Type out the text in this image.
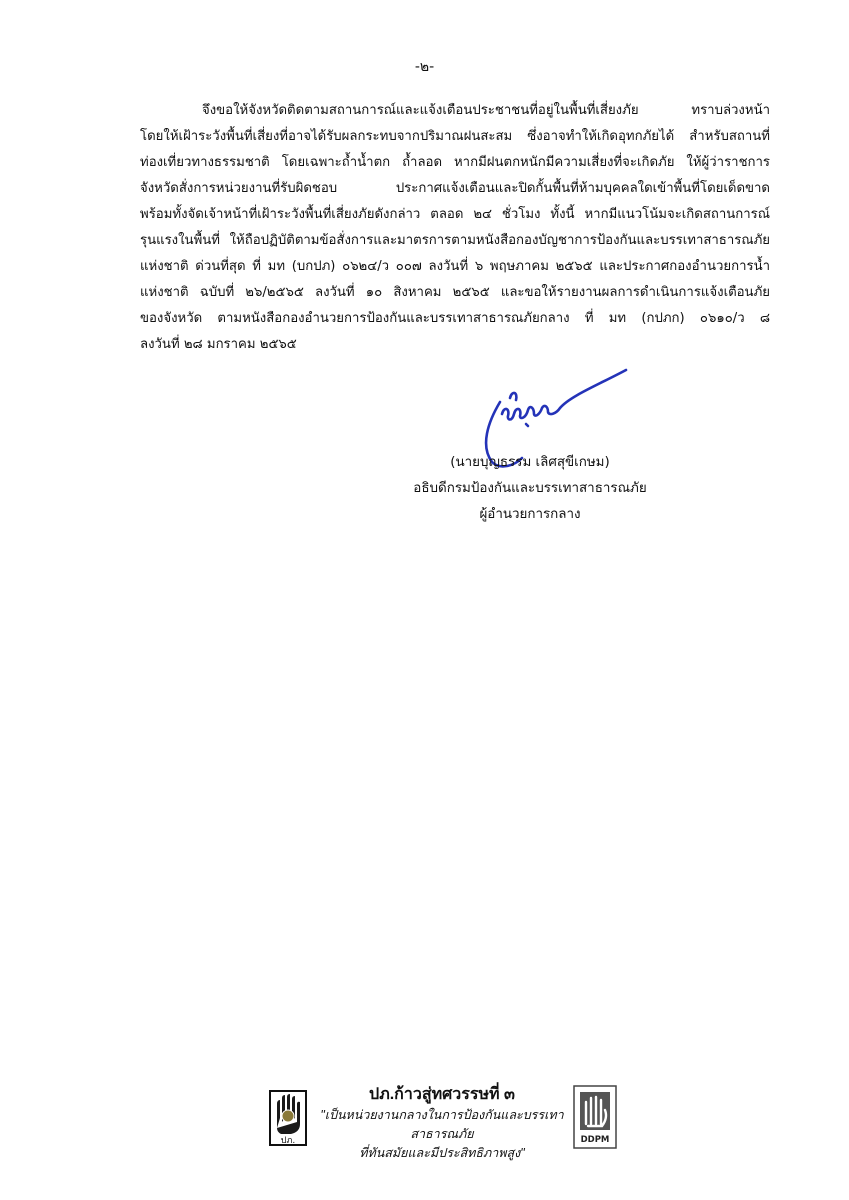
-๒-
จึงขอให้จังหวัดติดตามสถานการณ์และแจ้งเตือนประชาชนที่อยู่ในพื้นที่เสี่ยงภัย ทราบล่วงหน้า
โดยให้เฝ้าระวังพื้นที่เสี่ยงที่อาจได้รับผลกระทบจากปริมาณฝนสะสม ซึ่งอาจทำให้เกิดอุทกภัยได้ สำหรับสถานที่
ท่องเที่ยวทางธรรมชาติ โดยเฉพาะถ้ำน้ำตก ถ้ำลอด หากมีฝนตกหนักมีความเสี่ยงที่จะเกิดภัย ให้ผู้ว่าราชการ
จังหวัดสั่งการหน่วยงานที่รับผิดชอบ ประกาศแจ้งเตือนและปิดกั้นพื้นที่ห้ามบุคคลใดเข้าพื้นที่โดยเด็ดขาด
พร้อมทั้งจัดเจ้าหน้าที่เฝ้าระวังพื้นที่เสี่ยงภัยดังกล่าว ตลอด ๒๔ ชั่วโมง ทั้งนี้ หากมีแนวโน้มจะเกิดสถานการณ์
รุนแรงในพื้นที่ ให้ถือปฏิบัติตามข้อสั่งการและมาตรการตามหนังสือกองบัญชาการป้องกันและบรรเทาสาธารณภัย
แห่งชาติ ด่วนที่สุด ที่ มท (บกปภ) ๐๖๒๔/ว ๐๐๗ ลงวันที่ ๖ พฤษภาคม ๒๕๖๕ และประกาศกองอำนวยการน้ำ
แห่งชาติ ฉบับที่ ๒๖/๒๕๖๕ ลงวันที่ ๑๐ สิงหาคม ๒๕๖๕ และขอให้รายงานผลการดำเนินการแจ้งเตือนภัย
ของจังหวัด ตามหนังสือกองอำนวยการป้องกันและบรรเทาสาธารณภัยกลาง ที่ มท (กปภก) ๐๖๑๐/ว ๘
ลงวันที่ ๒๘ มกราคม ๒๕๖๕
(นายบุญธรรม เลิศสุขีเกษม)
อธิบดีกรมป้องกันและบรรเทาสาธารณภัย
ผู้อำนวยการกลาง
ปภ.
ปภ.ก้าวสู่ทศวรรษที่ ๓
"เป็นหน่วยงานกลางในการป้องกันและบรรเทาสาธารณภัย
ที่ทันสมัยและมีประสิทธิภาพสูง"
DDPM
